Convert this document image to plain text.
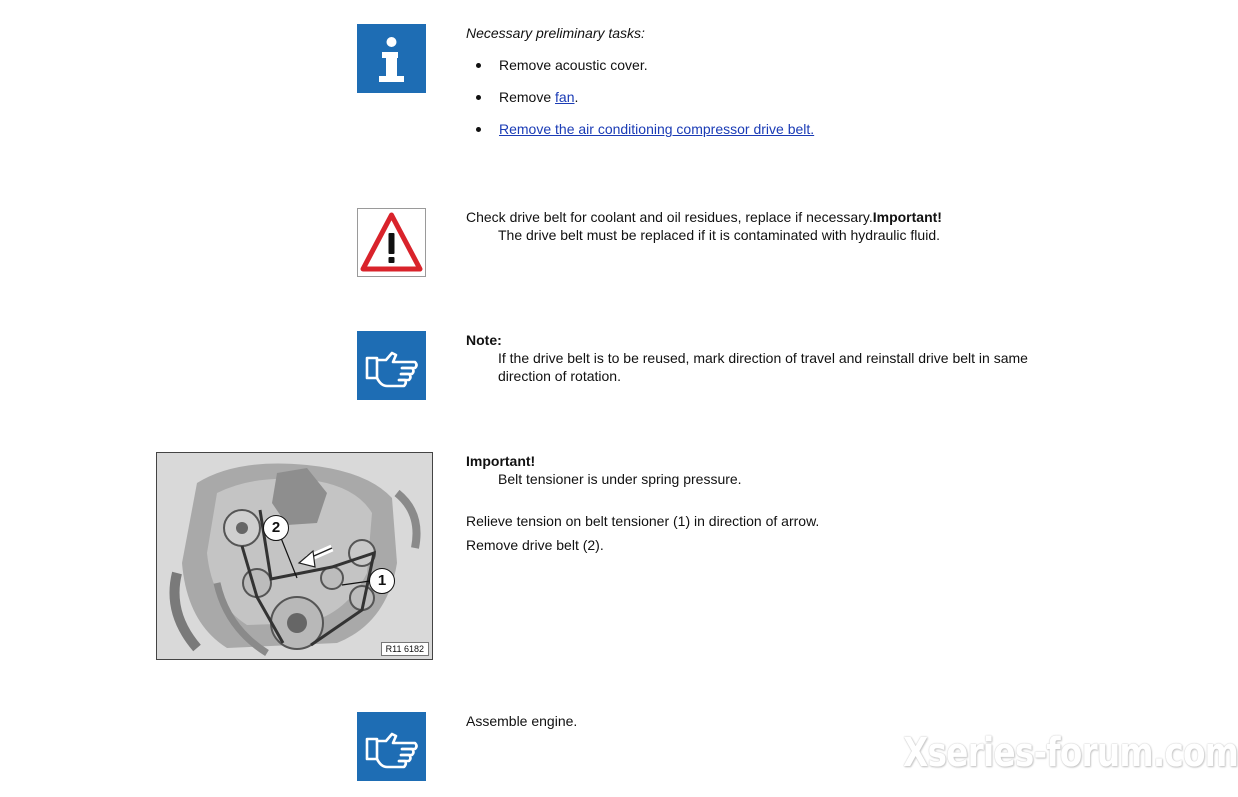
Necessary preliminary tasks:
Remove acoustic cover.
Remove fan.
Remove the air conditioning compressor drive belt.
Check drive belt for coolant and oil residues, replace if necessary.Important!
The drive belt must be replaced if it is contaminated with hydraulic fluid.
Note:
If the drive belt is to be reused, mark direction of travel and reinstall drive belt in same
direction of rotation.
2
1
R11 6182
Important!
Belt tensioner is under spring pressure.
Relieve tension on belt tensioner (1) in direction of arrow.
Remove drive belt (2).
Assemble engine.
Xseries-forum.com
